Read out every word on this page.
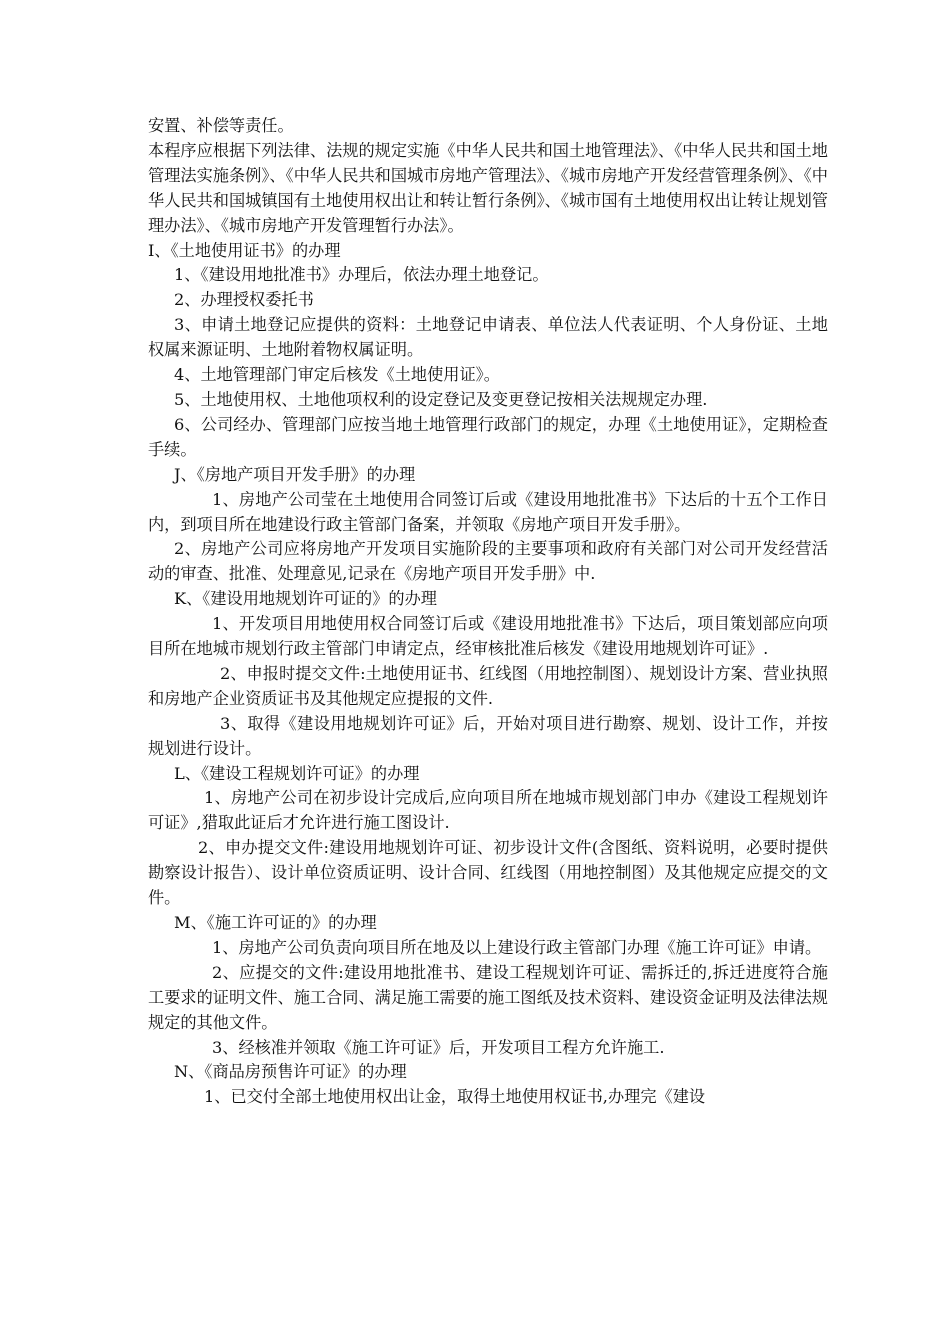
安置、补偿等责任。

本程序应根据下列法律、法规的规定实施《中华人民共和国土地管理法》、《中华人民共和国土地管理法实施条例》、《中华人民共和国城市房地产管理法》、《城市房地产开发经营管理条例》、《中华人民共和国城镇国有土地使用权出让和转让暂行条例》、《城市国有土地使用权出让转让规划管理办法》、《城市房地产开发管理暂行办法》。

I、《土地使用证书》的办理

1、《建设用地批准书》办理后，依法办理土地登记。

2、办理授权委托书

3、申请土地登记应提供的资料：土地登记申请表、单位法人代表证明、个人身份证、土地权属来源证明、土地附着物权属证明。

4、土地管理部门审定后核发《土地使用证》。

5、土地使用权、土地他项权利的设定登记及变更登记按相关法规规定办理.

6、公司经办、管理部门应按当地土地管理行政部门的规定，办理《土地使用证》，定期检查手续。

J、《房地产项目开发手册》的办理

1、房地产公司莹在土地使用合同签订后或《建设用地批准书》下达后的十五个工作日内，到项目所在地建设行政主管部门备案，并领取《房地产项目开发手册》。

2、房地产公司应将房地产开发项目实施阶段的主要事项和政府有关部门对公司开发经营活动的审查、批准、处理意见,记录在《房地产项目开发手册》中.

K、《建设用地规划许可证的》的办理

1、开发项目用地使用权合同签订后或《建设用地批准书》下达后，项目策划部应向项目所在地城市规划行政主管部门申请定点，经审核批准后核发《建设用地规划许可证》.

2、申报时提交文件:土地使用证书、红线图（用地控制图）、规划设计方案、营业执照和房地产企业资质证书及其他规定应提报的文件.

3、取得《建设用地规划许可证》后，开始对项目进行勘察、规划、设计工作，并按规划进行设计。

L、《建设工程规划许可证》的办理

1、房地产公司在初步设计完成后,应向项目所在地城市规划部门申办《建设工程规划许可证》,猎取此证后才允许进行施工图设计.

2、申办提交文件:建设用地规划许可证、初步设计文件(含图纸、资料说明，必要时提供勘察设计报告）、设计单位资质证明、设计合同、红线图（用地控制图）及其他规定应提交的文件。

M、《施工许可证的》的办理

1、房地产公司负责向项目所在地及以上建设行政主管部门办理《施工许可证》申请。

2、应提交的文件:建设用地批准书、建设工程规划许可证、需拆迁的,拆迁进度符合施工要求的证明文件、施工合同、满足施工需要的施工图纸及技术资料、建设资金证明及法律法规规定的其他文件。

3、经核准并领取《施工许可证》后，开发项目工程方允许施工.

N、《商品房预售许可证》的办理

1、已交付全部土地使用权出让金，取得土地使用权证书,办理完《建设
